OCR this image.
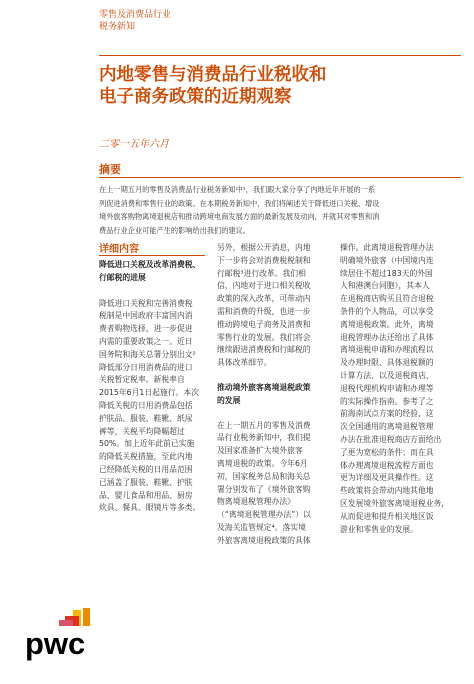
零售及消费品行业
税务新知
内地零售与消费品行业税收和
电子商务政策的近期观察
二零一五年六月
摘要
在上一期五月的零售及消费品行业税务新知中¹，我们跟大家分享了内地近年开展的一系
列促进消费和零售行业的政策。在本期税务新知中，我们将阐述关于降低进口关税、增设
境外旅客购物离境退税店和推动跨境电商发展方面的最新发展及动向，并就其对零售和消
费品行业企业可能产生的影响给出我们的建议。
详细内容
降低进口关税及改革消费税、
行邮税的进展
降低进口关税和完善消费税
税制是中国政府丰富国内消
费者购物选择，进一步促进
内需的重要政策之一。近日
国务院和海关总署分别出文²
降低部分日用消费品的进口
关税暂定税率。新税率自
2015年6月1日起施行。本次
降低关税的日用消费品包括
护肤品、服装、鞋靴、纸尿
裤等，关税平均降幅超过
50%。加上近年此前已实施
的降低关税措施，至此内地
已经降低关税的日用品范围
已涵盖了服装、鞋靴、护肤
品、婴儿食品和用品、厨房
炊具、餐具、眼镜片等多类。
另外，根据公开消息，内地
下一步将会对消费税税制和
行邮税³进行改革。我们相
信，内地对于进口相关税收
政策的深入改革，可带动内
需和消费的升级，也进一步
推动跨境电子商务及消费和
零售行业的发展。我们将会
继续跟进消费税和行邮税的
具体改革细节。
推动境外旅客离境退税政策
的发展
在上一期五月的零售及消费
品行业税务新知中，我们提
及国家准备扩大境外旅客
离境退税的政策。今年6月
初，国家税务总局和海关总
署分别发布了《境外旅客购
物离境退税管理办法》
（“离境退税管理办法”）以
及海关监管规定⁴。落实境
外旅客离境退税政策的具体
操作。此离境退税管理办法
明确境外旅客（中国境内连
续居住不超过183天的外国
人和港澳台同胞），其本人
在退税商店购买且符合退税
条件的个人物品，可以享受
离境退税政策。此外，离境
退税管理办法还给出了具体
离境退税申请和办理流程以
及办理时限、具体退税额的
计算方法、以及退税商店、
退税代理机构申请和办理等
的实际操作指南。参考了之
前海南试点方案的经验，这
次全国通用的离境退税管理
办法在批准退税商店方面给出
了更为宽松的条件；而在具
体办理离境退税流程方面也
更为详细及更具操作性。这
些政策将会带动内地其他地
区发展境外旅客离境退税业务，
从而促进和提升相关地区饭
游业和零售业的发展。
pwc
